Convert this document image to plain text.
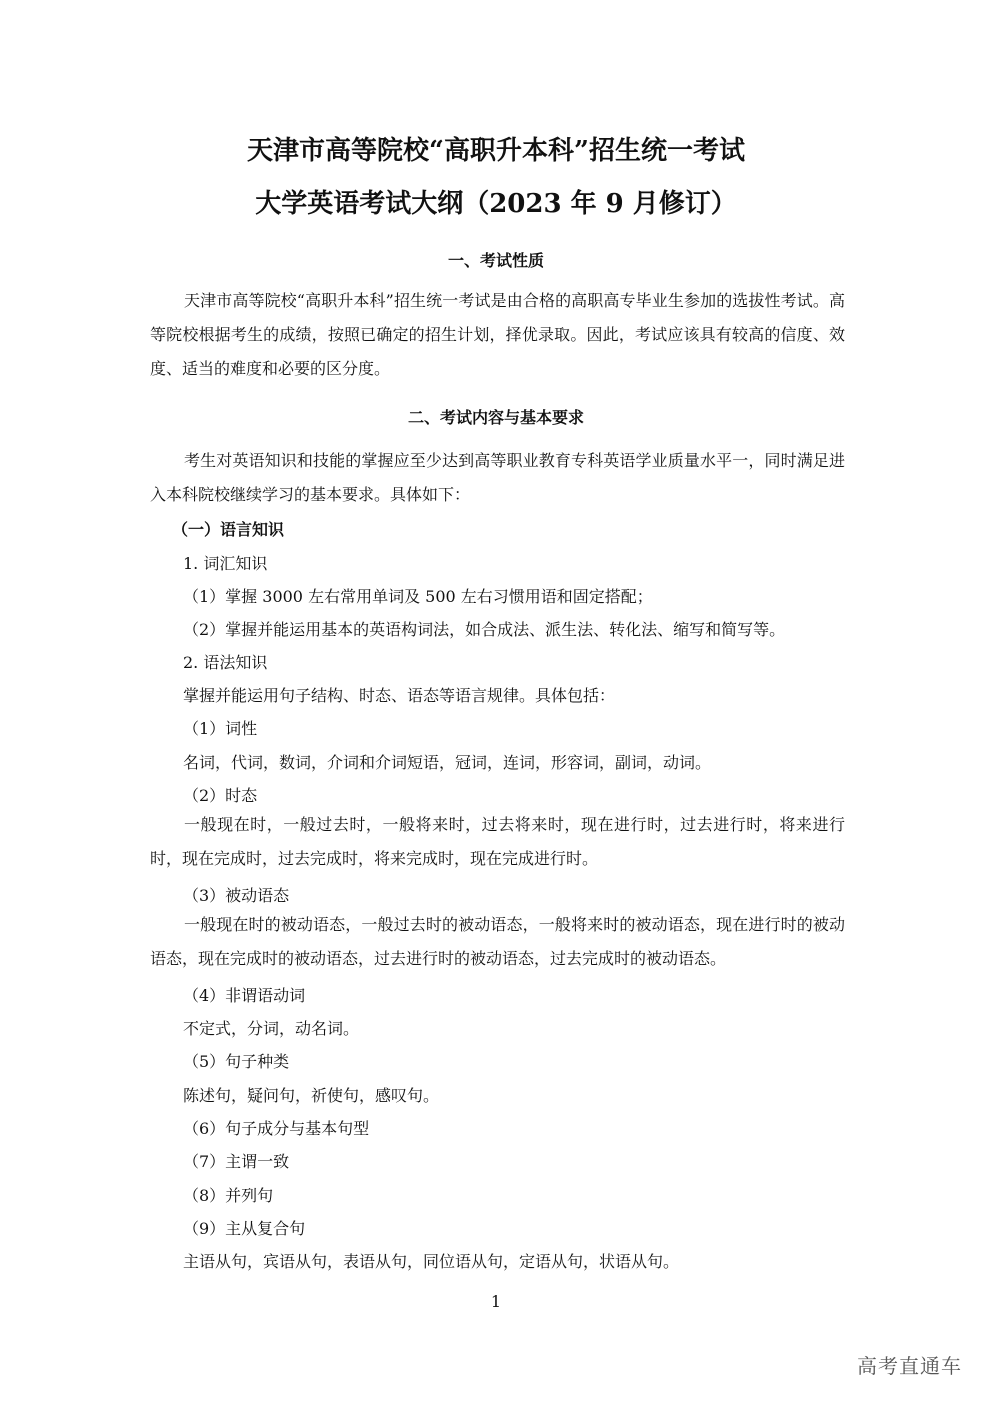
天津市高等院校“高职升本科”招生统一考试
大学英语考试大纲（2023 年 9 月修订）
一、考试性质
天津市高等院校“高职升本科”招生统一考试是由合格的高职高专毕业生参加的选拔性考试。高等院校根据考生的成绩，按照已确定的招生计划，择优录取。因此，考试应该具有较高的信度、效度、适当的难度和必要的区分度。
二、考试内容与基本要求
考生对英语知识和技能的掌握应至少达到高等职业教育专科英语学业质量水平一，同时满足进入本科院校继续学习的基本要求。具体如下：
（一）语言知识
1. 词汇知识
（1）掌握 3000 左右常用单词及 500 左右习惯用语和固定搭配；
（2）掌握并能运用基本的英语构词法，如合成法、派生法、转化法、缩写和简写等。
2. 语法知识
掌握并能运用句子结构、时态、语态等语言规律。具体包括：
（1）词性
名词，代词，数词，介词和介词短语，冠词，连词，形容词，副词，动词。
（2）时态
一般现在时，一般过去时，一般将来时，过去将来时，现在进行时，过去进行时，将来进行时，现在完成时，过去完成时，将来完成时，现在完成进行时。
（3）被动语态
一般现在时的被动语态，一般过去时的被动语态，一般将来时的被动语态，现在进行时的被动语态，现在完成时的被动语态，过去进行时的被动语态，过去完成时的被动语态。
（4）非谓语动词
不定式，分词，动名词。
（5）句子种类
陈述句，疑问句，祈使句，感叹句。
（6）句子成分与基本句型
（7）主谓一致
（8）并列句
（9）主从复合句
主语从句，宾语从句，表语从句，同位语从句，定语从句，状语从句。
1
高考直通车
